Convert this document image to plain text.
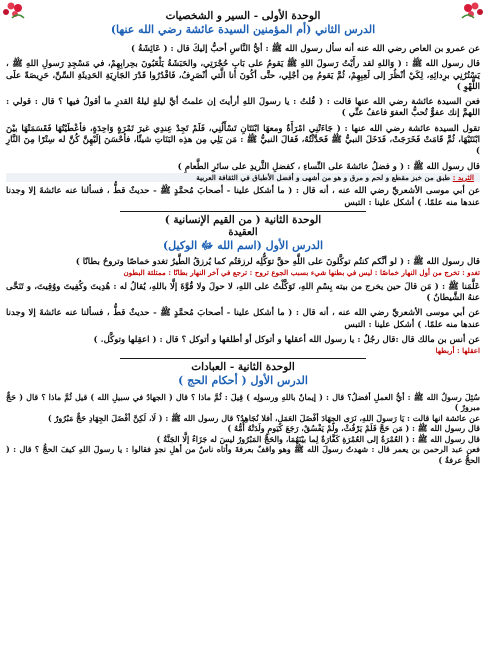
الوحدة الأولى - السير و الشخصيات
الدرس الثاني (أم المؤمنين السيدة عائشة رضي الله عنها)
عن عمرو بن العاص رضي الله عنه أنه سأل رسول الله ﷺ : أيُّ النَّاسِ أحبُّ إليكَ قال : ( عَائِشَةُ )
قال رسول الله ﷺ : ( وَاللهِ لقد رأَيْتُ رَسولَ اللهِ ﷺ يَقومُ على بَابِ حُجْرَتِي، والحَبَشَةُ يَلْعَبُونَ بحِرابِهِمْ، في مَسْجِدِ رَسولِ اللهِ ﷺ ، يَسْتُرُنِي برِدائِهِ، لِكَيْ أنْظُرَ إلى لَعِبِهِمْ، ثُمَّ يَقومُ مِن أجْلِي، حتَّى أكُونَ أنا الَّتي أنْصَرِفُ، فَاقْدُرُوا قَدْرَ الجَارِيَةِ الحَدِيثَةِ السِّنِّ، حَرِيصَةً علَى اللَّهْوِ )
فعن السيدة عائشة رضي الله عنها قالت : ( قُلتُ : يا رسولَ اللهِ أرأيتَ إن علمتُ أيَّ ليلةٍ ليلةُ القدرِ ما أقولُ فيها ؟ قال : قولي : اللهمَّ إنك عفوٌّ تُحبُّ العفوَ فاعفُ عنِّي )
تقول السيدة عائشة رضي الله عنها : ( جَاءَتْنِي امْرَأَةٌ ومعهَا ابْنَتَانِ تَسْأَلُنِي، فَلَمْ تَجِدْ عِندِي غيرَ تَمْرَةٍ وَاحِدَةٍ، فأعْطَيْتُهَا فَقَسَمَتْهَا بيْنَ ابْنَتَيْهَا، ثُمَّ قَامَتْ فَخَرَجَتْ، فَدَخَلَ النبيُّ ﷺ فَحَدَّثْتُهُ، فَقالَ النبيُّ ﷺ : مَن يَلِي مِن هذِه البَنَاتِ شيئًا، فأحْسَنَ إلَيْهِنَّ كُنَّ له سِتْرًا مِنَ النَّارِ )
قال رسول الله ﷺ : ( و فضلُ عائشةَ على النِّساءِ ، كفضلِ الثَّريدِ على سائرِ الطَّعامِ )
الثريد : طبق من خبز مقطع و لحم و مرق و هو من أشهى و أفضل الأطباق في الثقافة العربية
عن أبي موسى الأشعريِّ رضي الله عنه ، أنه قال : ( ما أشكل علينا - أصحابَ مُحمَّدٍ ﷺ - حديثٌ قطُّ ، فسألنا عنه عائشةَ إلا وجدنا عندها منه علمًا. ) أشكل علينا : التبس
الوحدة الثانية ( من القيم الإنسانية )
العقيدة
الدرس الأول (اسم الله ﷻ الوكيل)
قال رسول الله ﷺ : ( لو أنَّكم كنتُم توكَّلونَ على اللَّهِ حقَّ توَكُّلِه لرزقتُم كما يُرزقُ الطَّيرُ تغدو خماصًا وتروحُ بطانًا )
تغدو : تخرج من أول النهار خماصًا : ليس في بطنها شيء بسبب الجوع تروح : ترجع في آخر النهار بطانًا : ممتلئة البطون
عَلَّمَنا ﷺ : ( مَن قالَ حين يخرج من بيته بِسْمِ اللهِ، تَوَكَّلْتُ على اللهِ، لا حولَ ولا قُوَّةَ إلَّا باللهِ، يُقالُ له : هُدِيتَ وكُفِيتَ ووُقِيتَ، و تَنَحَّى عنهُ الشَّيطانُ )
عن أبي موسى الأشعريِّ رضي الله عنه ، أنه قال : ( ما أشكل علينا - أصحابَ مُحمَّدٍ ﷺ - حديثٌ قطُّ ، فسألنا عنه عائشةَ إلا وجدنا عندها منه علمًا. ) أشكل علينا : التبس
عن أنس بن مالك قال :قال رجُلٌ : يا رسول الله أعقلها و أتوكل أو أطلقها و أتوكل ؟ قال : ( اعقِلها وتوكَّل. )
اعقلها : أربطها
الوحدة الثانية - العبادات
الدرس الأول ( أحكام الحج )
سُئِلَ رسولُ الله ﷺ : أيُّ العملِ أفضلُ؟ قال : ( إيمانٌ باللهِ ورسولِه ) قِيلَ : ثُمَّ ماذا ؟ قال ( الجهادُ في سبيلِ الله ) قيل ثُمَّ ماذا ؟ قال ( حَجٌّ مبرورٌ )
عن عائشة انها قالت : يَا رَسولَ اللهِ، نَرَى الجِهَادَ أفْضَلَ العَمَلِ، أفلا نُجَاهِدُ؟ قال رسول الله ﷺ : ( لَا، لَكِنَّ أفْضَلَ الجِهَادِ حَجٌّ مَبْرُورٌ )
قال رسول الله ﷺ : ( مَن حَجَّ فَلَمْ يَرْفُثْ، ولَمْ يَفْسُقْ، رَجَعَ كَيَومِ ولَدَتْهُ أُمُّهُ )
قال رسول الله ﷺ : ( العُمْرَةُ إلى العُمْرَةِ كَفَّارَةٌ لِما بيْنَهُمَا، والحَجُّ المَبْرُورُ ليسَ له جَزَاءٌ إلَّا الجَنَّةُ )
فعن عبد الرحمن بن يعمر قال : شهدتُ رسولَ الله ﷺ وهو واقفٌ بعرفةَ وأتاه ناسٌ من أهلِ نجدٍ فقالوا : يا رسولَ اللهِ كيفَ الحجُّ ؟ قال : ( الحجُّ عرفةُ )
